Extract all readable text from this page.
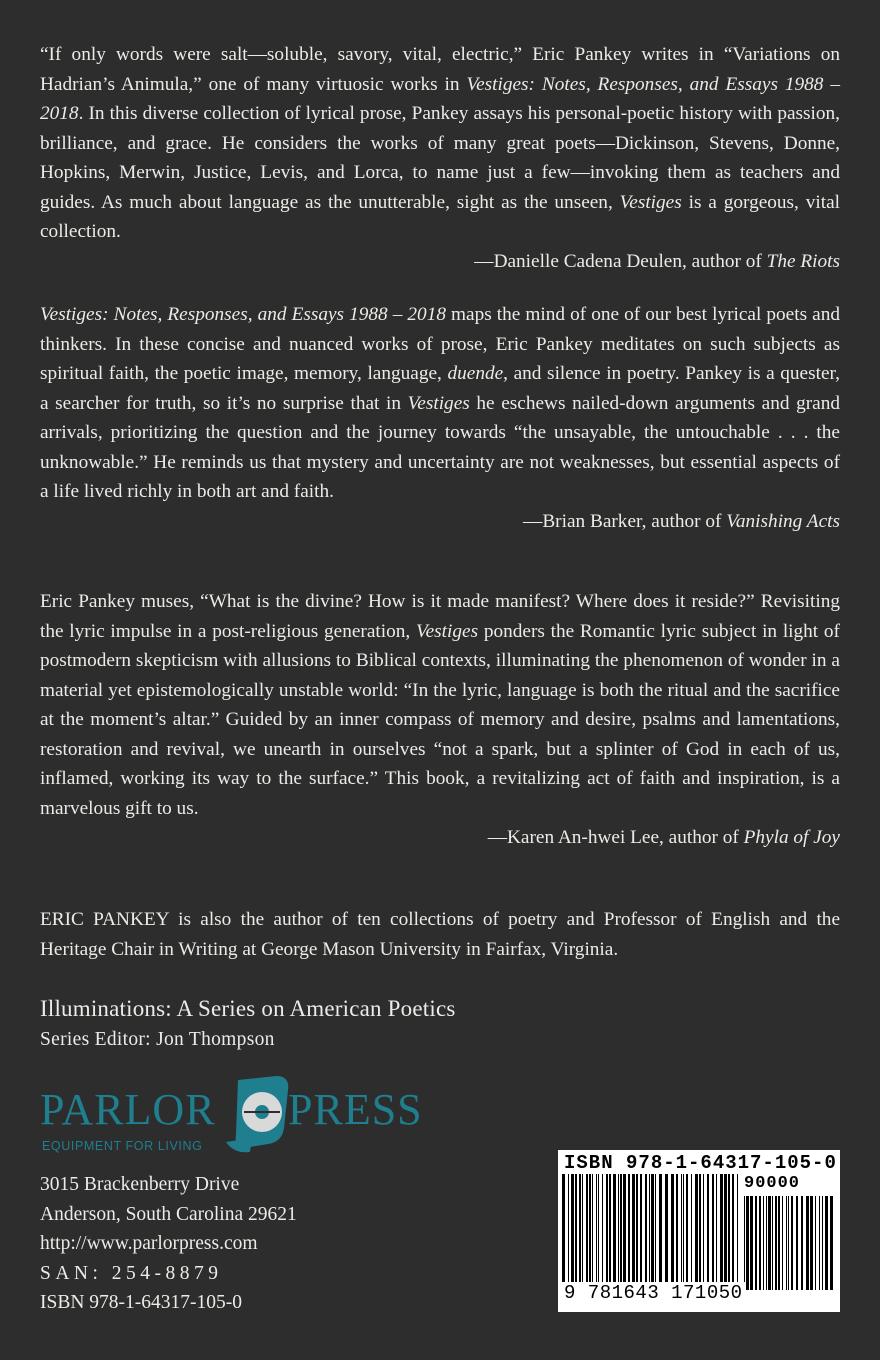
“If only words were salt—soluble, savory, vital, electric,” Eric Pankey writes in “Variations on Hadrian’s Animula,” one of many virtuosic works in Vestiges: Notes, Responses, and Essays 1988 – 2018. In this diverse collection of lyrical prose, Pankey assays his personal-poetic history with passion, brilliance, and grace. He considers the works of many great poets—Dickinson, Stevens, Donne, Hopkins, Merwin, Justice, Levis, and Lorca, to name just a few—invoking them as teachers and guides. As much about language as the unutterable, sight as the unseen, Vestiges is a gorgeous, vital collection.
—Danielle Cadena Deulen, author of The Riots
Vestiges: Notes, Responses, and Essays 1988 – 2018 maps the mind of one of our best lyrical poets and thinkers. In these concise and nuanced works of prose, Eric Pankey meditates on such subjects as spiritual faith, the poetic image, memory, language, duende, and silence in poetry. Pankey is a quester, a searcher for truth, so it’s no surprise that in Vestiges he eschews nailed-down arguments and grand arrivals, prioritizing the question and the journey towards “the unsayable, the untouchable . . . the unknowable.” He reminds us that mystery and uncertainty are not weaknesses, but essential aspects of a life lived richly in both art and faith.
—Brian Barker, author of Vanishing Acts
Eric Pankey muses, “What is the divine? How is it made manifest? Where does it reside?” Revisiting the lyric impulse in a post-religious generation, Vestiges ponders the Romantic lyric subject in light of postmodern skepticism with allusions to Biblical contexts, illuminating the phenomenon of wonder in a material yet epistemologically unstable world: “In the lyric, language is both the ritual and the sacrifice at the moment’s altar.” Guided by an inner compass of memory and desire, psalms and lamentations, restoration and revival, we unearth in ourselves “not a spark, but a splinter of God in each of us, inflamed, working its way to the surface.” This book, a revitalizing act of faith and inspiration, is a marvelous gift to us.
—Karen An-hwei Lee, author of Phyla of Joy
ERIC PANKEY is also the author of ten collections of poetry and Professor of English and the Heritage Chair in Writing at George Mason University in Fairfax, Virginia.
Illuminations: A Series on American Poetics
Series Editor: Jon Thompson
PARLOR PRESS
EQUIPMENT FOR LIVING
3015 Brackenberry Drive
Anderson, South Carolina 29621
http://www.parlorpress.com
SAN: 254-8879
ISBN 978-1-64317-105-0
ISBN 978-1-64317-105-0
90000
9 781643 171050
